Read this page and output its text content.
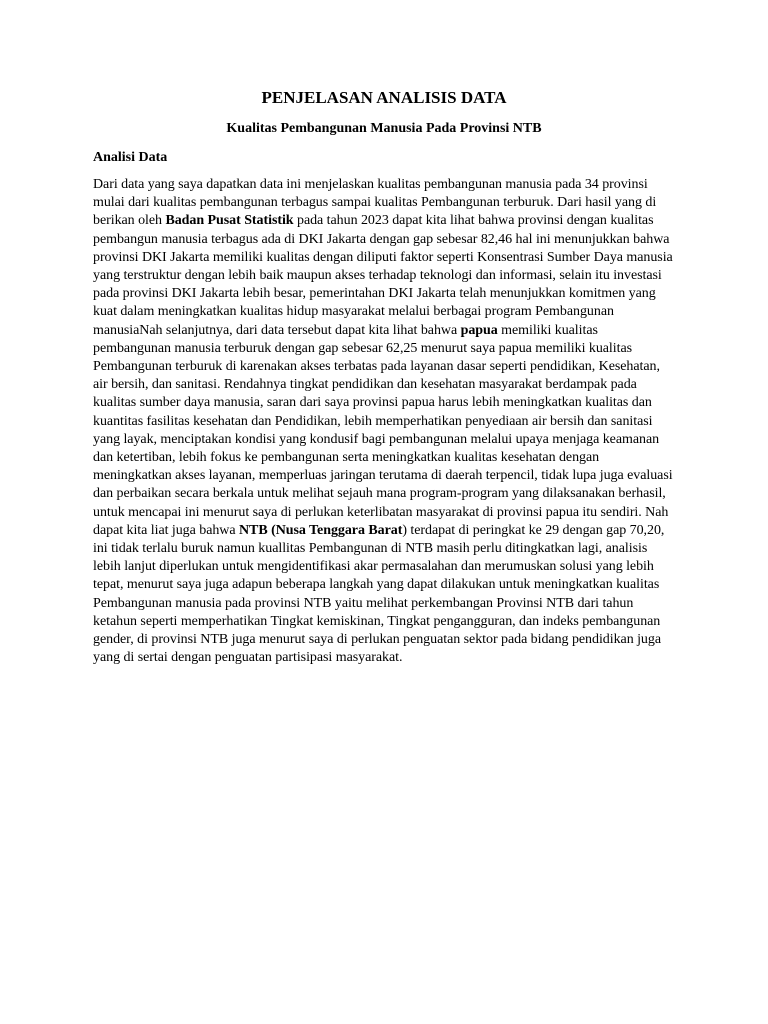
PENJELASAN ANALISIS DATA
Kualitas Pembangunan Manusia Pada Provinsi NTB
Analisi Data

Dari data yang saya dapatkan data ini menjelaskan kualitas pembangunan manusia pada 34 provinsi mulai dari kualitas pembangunan terbagus sampai kualitas Pembangunan terburuk. Dari hasil yang di berikan oleh Badan Pusat Statistik pada tahun 2023 dapat kita lihat bahwa provinsi dengan kualitas pembangun manusia terbagus ada di DKI Jakarta dengan gap sebesar 82,46 hal ini menunjukkan bahwa provinsi DKI Jakarta memiliki kualitas dengan diliputi faktor seperti Konsentrasi Sumber Daya manusia yang terstruktur dengan lebih baik maupun akses terhadap teknologi dan informasi, selain itu investasi pada provinsi DKI Jakarta lebih besar, pemerintahan DKI Jakarta telah menunjukkan komitmen yang kuat dalam meningkatkan kualitas hidup masyarakat melalui berbagai program Pembangunan manusiaNah selanjutnya, dari data tersebut dapat kita lihat bahwa papua memiliki kualitas pembangunan manusia terburuk dengan gap sebesar 62,25 menurut saya papua memiliki kualitas Pembangunan terburuk di karenakan akses terbatas pada layanan dasar seperti pendidikan, Kesehatan, air bersih, dan sanitasi. Rendahnya tingkat pendidikan dan kesehatan masyarakat berdampak pada kualitas sumber daya manusia, saran dari saya provinsi papua harus lebih meningkatkan kualitas dan kuantitas fasilitas kesehatan dan Pendidikan, lebih memperhatikan penyediaan air bersih dan sanitasi yang layak, menciptakan kondisi yang kondusif bagi pembangunan melalui upaya menjaga keamanan dan ketertiban, lebih fokus ke pembangunan serta meningkatkan kualitas kesehatan dengan meningkatkan akses layanan, memperluas jaringan terutama di daerah terpencil, tidak lupa juga evaluasi dan perbaikan secara berkala untuk melihat sejauh mana program-program yang dilaksanakan berhasil, untuk mencapai ini menurut saya di perlukan keterlibatan masyarakat di provinsi papua itu sendiri. Nah dapat kita liat juga bahwa NTB (Nusa Tenggara Barat) terdapat di peringkat ke 29 dengan gap 70,20, ini tidak terlalu buruk namun kuallitas Pembangunan di NTB masih perlu ditingkatkan lagi, analisis lebih lanjut diperlukan untuk mengidentifikasi akar permasalahan dan merumuskan solusi yang lebih tepat, menurut saya juga adapun beberapa langkah yang dapat dilakukan untuk meningkatkan kualitas Pembangunan manusia pada provinsi NTB yaitu melihat perkembangan Provinsi NTB dari tahun ketahun seperti memperhatikan Tingkat kemiskinan, Tingkat pengangguran, dan indeks pembangunan gender, di provinsi NTB juga menurut saya di perlukan penguatan sektor pada bidang pendidikan juga yang di sertai dengan penguatan partisipasi masyarakat.
